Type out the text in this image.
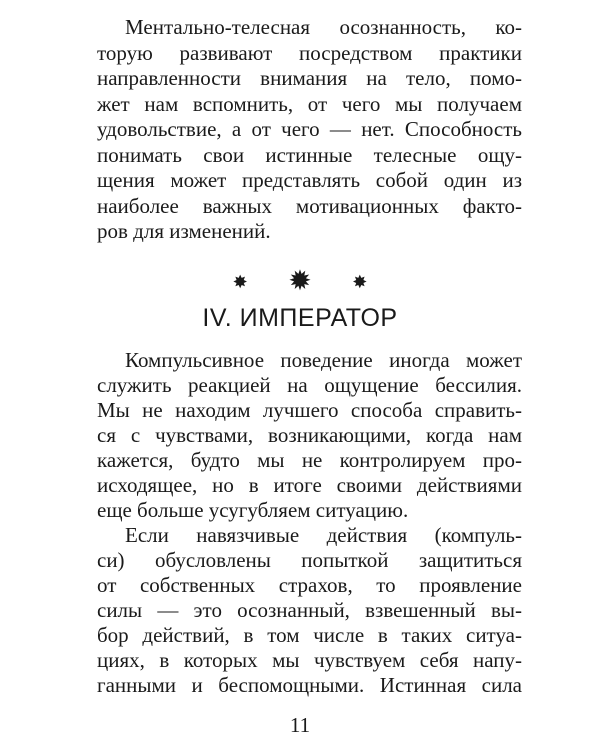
Ментально-телесная осознанность, ко-
торую развивают посредством практики
направленности внимания на тело, помо-
жет нам вспомнить, от чего мы получаем
удовольствие, а от чего — нет. Способность
понимать свои истинные телесные ощу-
щения может представлять собой один из
наиболее важных мотивационных факто-
ров для изменений.
✸ ✹ ✸
IV. ИМПЕРАТОР
Компульсивное поведение иногда может
служить реакцией на ощущение бессилия.
Мы не находим лучшего способа справить-
ся с чувствами, возникающими, когда нам
кажется, будто мы не контролируем про-
исходящее, но в итоге своими действиями
еще больше усугубляем ситуацию.
Если навязчивые действия (компуль-
си) обусловлены попыткой защититься
от собственных страхов, то проявление
силы — это осознанный, взвешенный вы-
бор действий, в том числе в таких ситуа-
циях, в которых мы чувствуем себя напу-
ганными и беспомощными. Истинная сила
11
